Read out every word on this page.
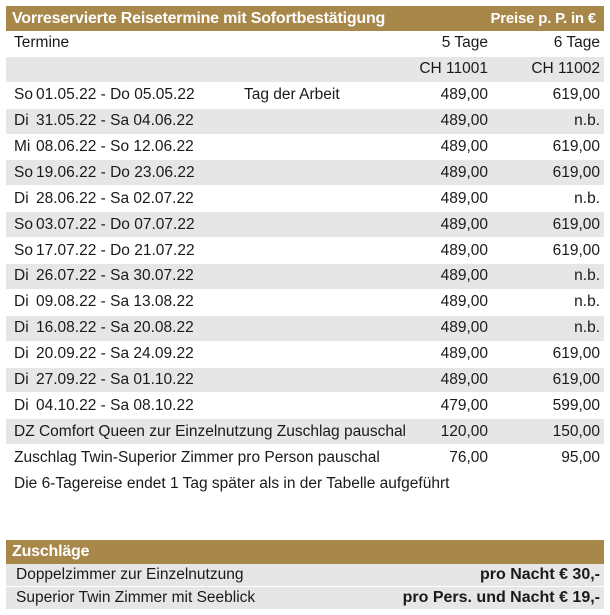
Vorreservierte Reisetermine mit Sofortbestätigung	Preise p. P. in €
Termine	5 Tage	6 Tage
CH 11001	CH 11002
So 01.05.22 - Do 05.05.22	Tag der Arbeit	489,00	619,00
Di 31.05.22 - Sa 04.06.22	489,00	n.b.
Mi 08.06.22 - So 12.06.22	489,00	619,00
So 19.06.22 - Do 23.06.22	489,00	619,00
Di 28.06.22 - Sa 02.07.22	489,00	n.b.
So 03.07.22 - Do 07.07.22	489,00	619,00
So 17.07.22 - Do 21.07.22	489,00	619,00
Di 26.07.22 - Sa 30.07.22	489,00	n.b.
Di 09.08.22 - Sa 13.08.22	489,00	n.b.
Di 16.08.22 - Sa 20.08.22	489,00	n.b.
Di 20.09.22 - Sa 24.09.22	489,00	619,00
Di 27.09.22 - Sa 01.10.22	489,00	619,00
Di 04.10.22 - Sa 08.10.22	479,00	599,00
DZ Comfort Queen zur Einzelnutzung Zuschlag pauschal	120,00	150,00
Zuschlag Twin-Superior Zimmer pro Person pauschal	76,00	95,00
Die 6-Tagereise endet 1 Tag später als in der Tabelle aufgeführt
Zuschläge
Doppelzimmer zur Einzelnutzung	pro Nacht € 30,-
Superior Twin Zimmer mit Seeblick	pro Pers. und Nacht € 19,-
